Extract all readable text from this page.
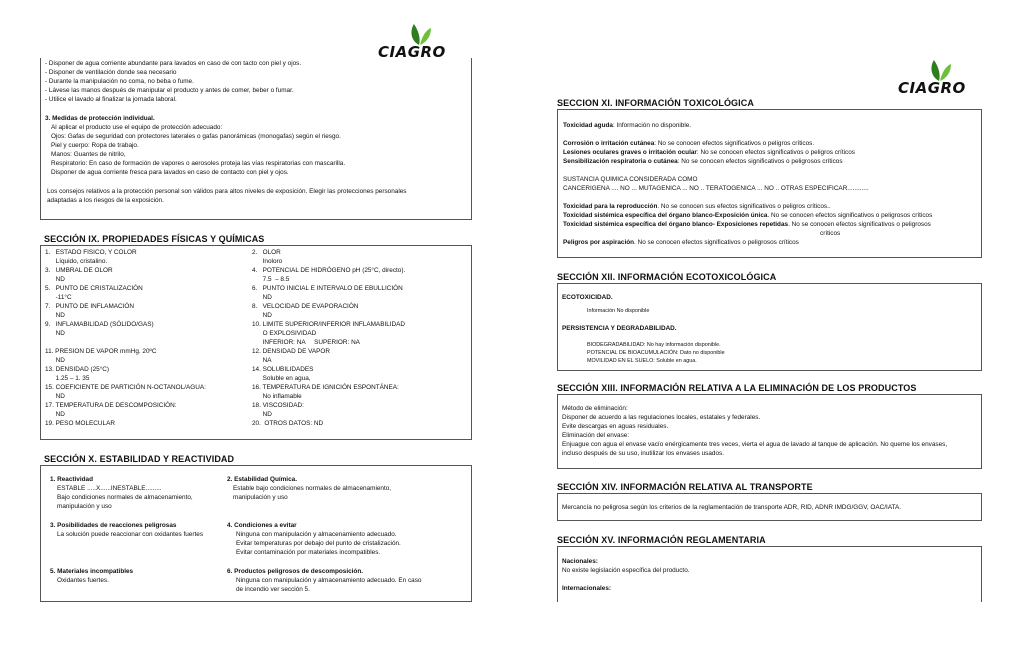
CIAGRO
CIAGRO
- Disponer de agua corriente abundante para lavados en caso de con tacto con piel y ojos.
- Disponer de ventilación donde sea necesario
- Durante la manipulación no coma, no beba o fume.
- Lávese las manos después de manipular el producto y antes de comer, beber o fumar.
- Utilice el lavado al finalizar la jornada laboral.
3. Medidas de protección individual.
Al aplicar el producto use el equipo de protección adecuado:
Ojos: Gafas de seguridad con protectores laterales o gafas panorámicas (monogafas) según el riesgo.
Piel y cuerpo: Ropa de trabajo.
Manos: Guantes de nitrilo,
Respiratorio: En caso de formación de vapores o aerosoles proteja las vías respiratorias con mascarilla.
Disponer de agua corriente fresca para lavados en caso de contacto con piel y ojos.
Los consejos relativos a la protección personal son válidos para altos niveles de exposición. Elegir las protecciones personales
adaptadas a los riesgos de la exposición.
SECCIÓN IX. PROPIEDADES FÍSICAS Y QUÍMICAS
1.   ESTADO FISICO, Y COLOR
Líquido, cristalino.
3.   UMBRAL DE OLOR
ND
5.   PUNTO DE CRISTALIZACIÓN
-11°C
7.   PUNTO DE INFLAMACIÓN
ND
9.   INFLAMABILIDAD (SÓLIDO/GAS)
ND
11. PRESION DE VAPOR mmHg. 20ºC
ND
13. DENSIDAD (25°C)
1.25 – 1. 35
15. COEFICIENTE DE PARTICIÓN N-OCTANOL/AGUA:
ND
17. TEMPERATURA DE DESCOMPOSICIÓN:
ND
19. PESO MOLECULAR
2.   OLOR
Inoloro
4.   POTENCIAL DE HIDRÓGENO pH (25°C, directo).
7.5  – 8.5
6.   PUNTO INICIAL E INTERVALO DE EBULLICIÓN
ND
8.   VELOCIDAD DE EVAPORACIÓN
ND
10. LIMITE SUPERIOR/INFERIOR INFLAMABILIDAD
O EXPLOSIVIDAD
INFERIOR: NA     SUPERIOR: NA
12. DENSIDAD DE VAPOR
NA
14. SOLUBILIDADES
Soluble en agua,
16. TEMPERATURA DE IGNICIÓN ESPONTÁNEA:
No inflamable
18. VISCOSIDAD:
ND
20.  OTROS DATOS: ND
SECCIÓN X. ESTABILIDAD Y REACTIVIDAD
1. Reactividad
ESTABLE .....X......INESTABLE.........
Bajo condiciones normales de almacenamiento,
manipulación y uso
2. Estabilidad Química.
Estable bajo condiciones normales de almacenamiento,
manipulación y uso
3. Posibilidades de reacciones peligrosas
La solución puede reaccionar con oxidantes fuertes
4. Condiciones a evitar
Ninguna con manipulación y almacenamiento adecuado.
Evitar temperaturas por debajo del punto de cristalización.
Evitar contaminación por materiales incompatibles.
5. Materiales incompatibles
Oxidantes fuertes.
6. Productos peligrosos de descomposición.
Ninguna con manipulación y almacenamiento adecuado. En caso
de incendio ver sección 5.
SECCION XI. INFORMACIÓN TOXICOLÓGICA
Toxicidad aguda: Información no disponible.
Corrosión o irritación cutánea: No se conocen efectos significativos o peligros críticos.
Lesiones oculares graves o irritación ocular: No se conocen efectos significativos o peligros críticos
Sensibilización respiratoria o cutánea: No se conocen efectos significativos o peligrosos críticos
SUSTANCIA QUIMICA CONSIDERADA COMO
CANCERIGENA .... NO ... MUTAGENICA ... NO .. TERATOGENICA ... NO .. OTRAS ESPECIFICAR............
Toxicidad para la reproducción. No se conocen sus efectos significativos o peligros críticos..
Toxicidad sistémica específica del órgano blanco-Exposición única. No se conocen efectos significativos o peligrosos críticos
Toxicidad sistémica específica del órgano blanco- Exposiciones repetidas. No se conocen efectos significativos o peligrosos
críticos
Peligros por aspiración. No se conocen efectos significativos o peligrosos críticos
SECCIÓN XII. INFORMACIÓN ECOTOXICOLÓGICA
ECOTOXICIDAD.
Información No disponible
PERSISTENCIA Y DEGRADABILIDAD.
BIODEGRADABILIDAD: No hay información disponible.
POTENCIAL DE BIOACUMULACIÓN: Dato no disponible
MOVILIDAD EN EL SUELO: Soluble en agua.
SECCIÓN XIII. INFORMACIÓN RELATIVA A LA ELIMINACIÓN DE LOS PRODUCTOS
Método de eliminación:
Disponer de acuerdo a las regulaciones locales, estatales y federales.
Evite descargas en aguas residuales.
Eliminación del envase:
Enjuague con agua el envase vacío enérgicamente tres veces, vierta el agua de lavado al tanque de aplicación. No queme los envases,
incluso después de su uso, inutilizar los envases usados.
SECCIÓN XIV. INFORMACIÓN RELATIVA AL TRANSPORTE
Mercancía no peligrosa según los criterios de la reglamentación de transporte ADR, RID, ADNR IMDG/GGV, OAC/IATA.
SECCIÓN XV. INFORMACIÓN REGLAMENTARIA
Nacionales:
No existe legislación específica del producto.
Internacionales:
